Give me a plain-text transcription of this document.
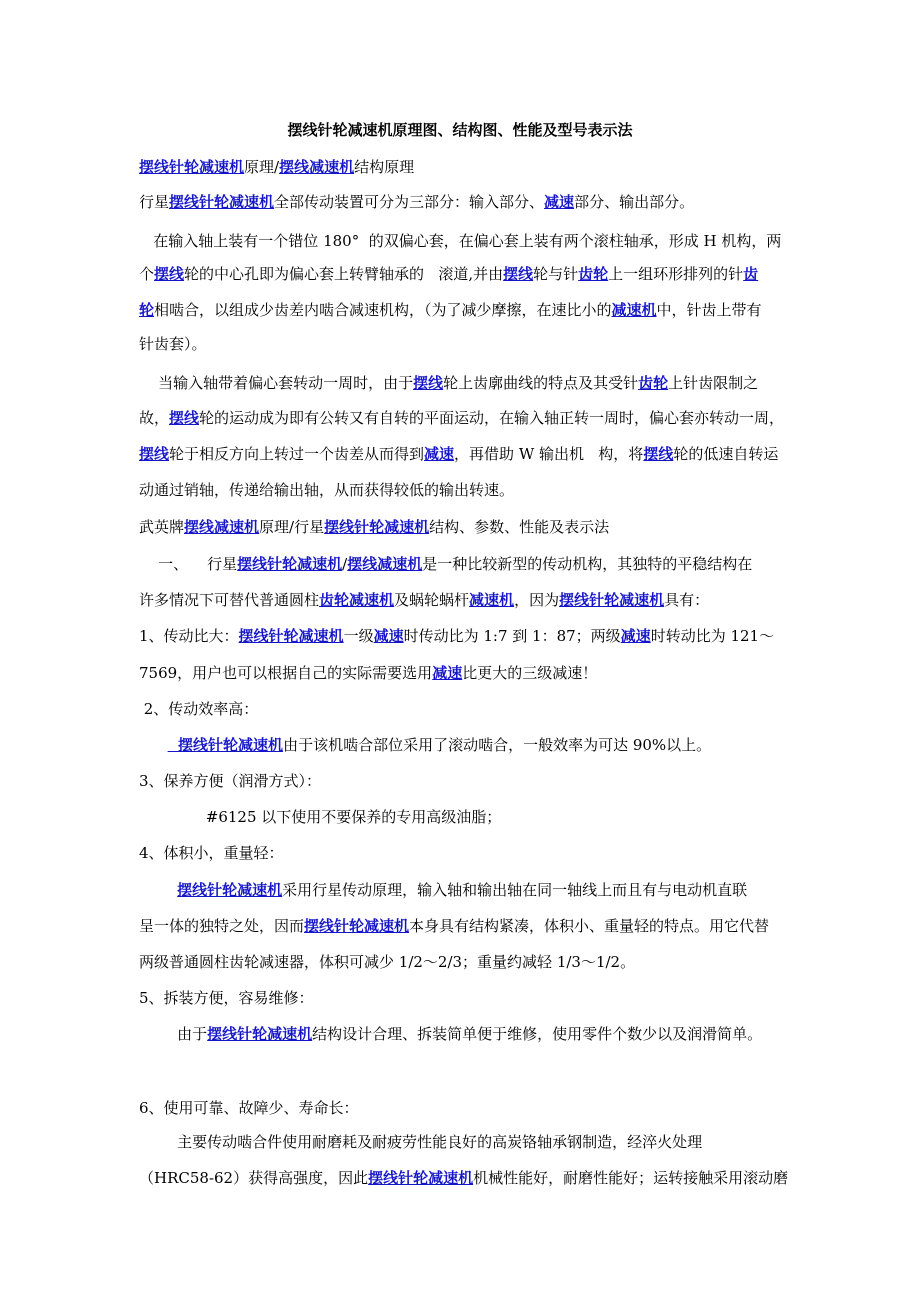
摆线针轮减速机原理图、结构图、性能及型号表示法
摆线针轮减速机原理/摆线减速机结构原理
行星摆线针轮减速机全部传动装置可分为三部分：输入部分、减速部分、输出部分。
在输入轴上装有一个错位 180°  的双偏心套，在偏心套上装有两个滚柱轴承，形成 H 机构，两
个摆线轮的中心孔即为偏心套上转臂轴承的   滚道,并由摆线轮与针齿轮上一组环形排列的针齿
轮相啮合，以组成少齿差内啮合减速机构，（为了减少摩擦，在速比小的减速机中，针齿上带有
针齿套）。
当输入轴带着偏心套转动一周时，由于摆线轮上齿廓曲线的特点及其受针齿轮上针齿限制之
故，摆线轮的运动成为即有公转又有自转的平面运动，在输入轴正转一周时，偏心套亦转动一周，
摆线轮于相反方向上转过一个齿差从而得到减速，再借助 W 输出机   构，将摆线轮的低速自转运
动通过销轴，传递给输出轴，从而获得较低的输出转速。
武英牌摆线减速机原理/行星摆线针轮减速机结构、参数、性能及表示法
一、    行星摆线针轮减速机/摆线减速机是一种比较新型的传动机构，其独特的平稳结构在
许多情况下可替代普通圆柱齿轮减速机及蜗轮蜗杆减速机，因为摆线针轮减速机具有：
1、传动比大：摆线针轮减速机一级减速时传动比为 1:7 到 1：87；两级减速时转动比为 121～
7569，用户也可以根据自己的实际需要选用减速比更大的三级减速！
2、传动效率高：
摆线针轮减速机由于该机啮合部位采用了滚动啮合，一般效率为可达 90%以上。
3、保养方便（润滑方式）：
#6125 以下使用不要保养的专用高级油脂；
4、体积小，重量轻：
摆线针轮减速机采用行星传动原理，输入轴和输出轴在同一轴线上而且有与电动机直联
呈一体的独特之处，因而摆线针轮减速机本身具有结构紧凑，体积小、重量轻的特点。用它代替
两级普通圆柱齿轮减速器，体积可减少 1/2～2/3；重量约减轻 1/3～1/2。
5、拆装方便，容易维修：
由于摆线针轮减速机结构设计合理、拆装简单便于维修，使用零件个数少以及润滑简单。
6、使用可靠、故障少、寿命长：
主要传动啮合件使用耐磨耗及耐疲劳性能良好的高炭铬轴承钢制造，经淬火处理
（HRC58-62）获得高强度，因此摆线针轮减速机机械性能好，耐磨性能好；运转接触采用滚动磨
